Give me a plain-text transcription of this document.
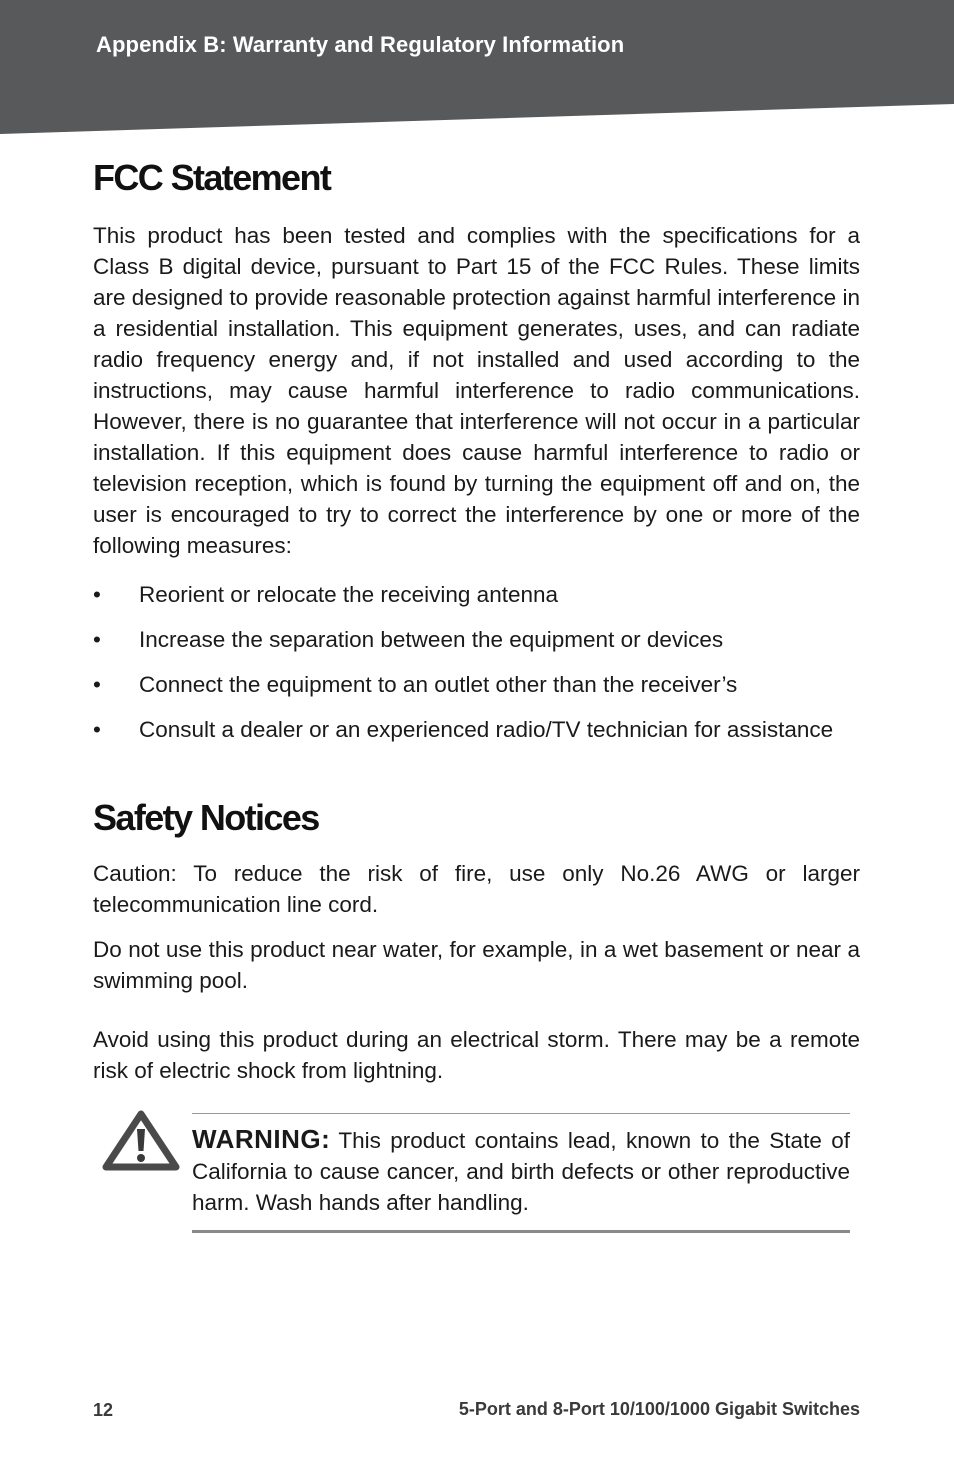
Appendix B: Warranty and Regulatory Information
FCC Statement

This product has been tested and complies with the specifications for a Class B digital device, pursuant to Part 15 of the FCC Rules. These limits are designed to provide reasonable protection against harmful interference in a residential installation. This equipment generates, uses, and can radiate radio frequency energy and, if not installed and used according to the instructions, may cause harmful interference to radio communications. However, there is no guarantee that interference will not occur in a particular installation. If this equipment does cause harmful interference to radio or television reception, which is found by turning the equipment off and on, the user is encouraged to try to correct the interference by one or more of the following measures:

•	Reorient or relocate the receiving antenna
•	Increase the separation between the equipment or devices
•	Connect the equipment to an outlet other than the receiver’s
•	Consult a dealer or an experienced radio/TV technician for assistance
Safety Notices

Caution: To reduce the risk of fire, use only No.26 AWG or larger telecommunication line cord.

Do not use this product near water, for example, in a wet basement or near a swimming pool.

Avoid using this product during an electrical storm. There may be a remote risk of electric shock from lightning.

WARNING: This product contains lead, known to the State of California to cause cancer, and birth defects or other reproductive harm. Wash hands after handling.

12	5-Port and 8-Port 10/100/1000 Gigabit Switches
